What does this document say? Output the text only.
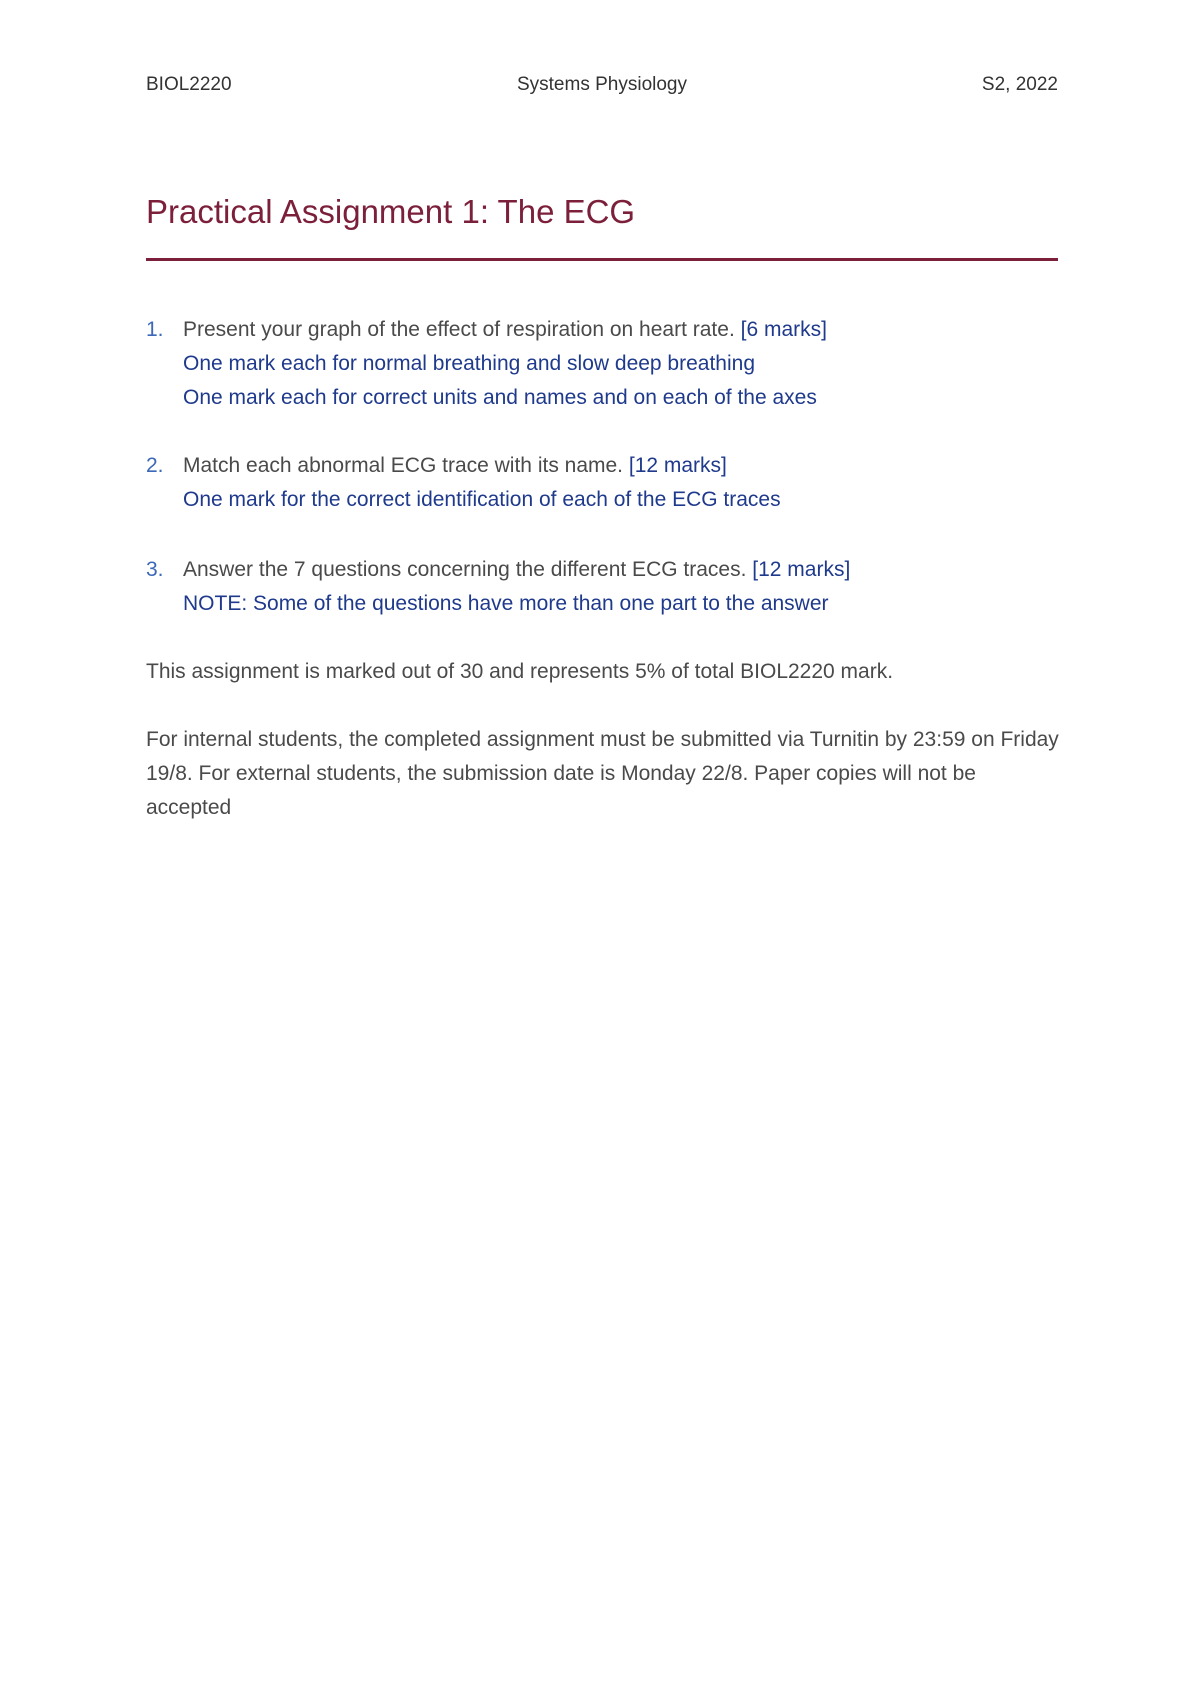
BIOL2220	Systems Physiology	S2, 2022
Practical Assignment 1: The ECG
1. Present your graph of the effect of respiration on heart rate. [6 marks]
One mark each for normal breathing and slow deep breathing
One mark each for correct units and names and on each of the axes
2. Match each abnormal ECG trace with its name. [12 marks]
One mark for the correct identification of each of the ECG traces
3. Answer the 7 questions concerning the different ECG traces. [12 marks]
NOTE: Some of the questions have more than one part to the answer
This assignment is marked out of 30 and represents 5% of total BIOL2220 mark.
For internal students, the completed assignment must be submitted via Turnitin by 23:59 on Friday 19/8. For external students, the submission date is Monday 22/8. Paper copies will not be accepted
